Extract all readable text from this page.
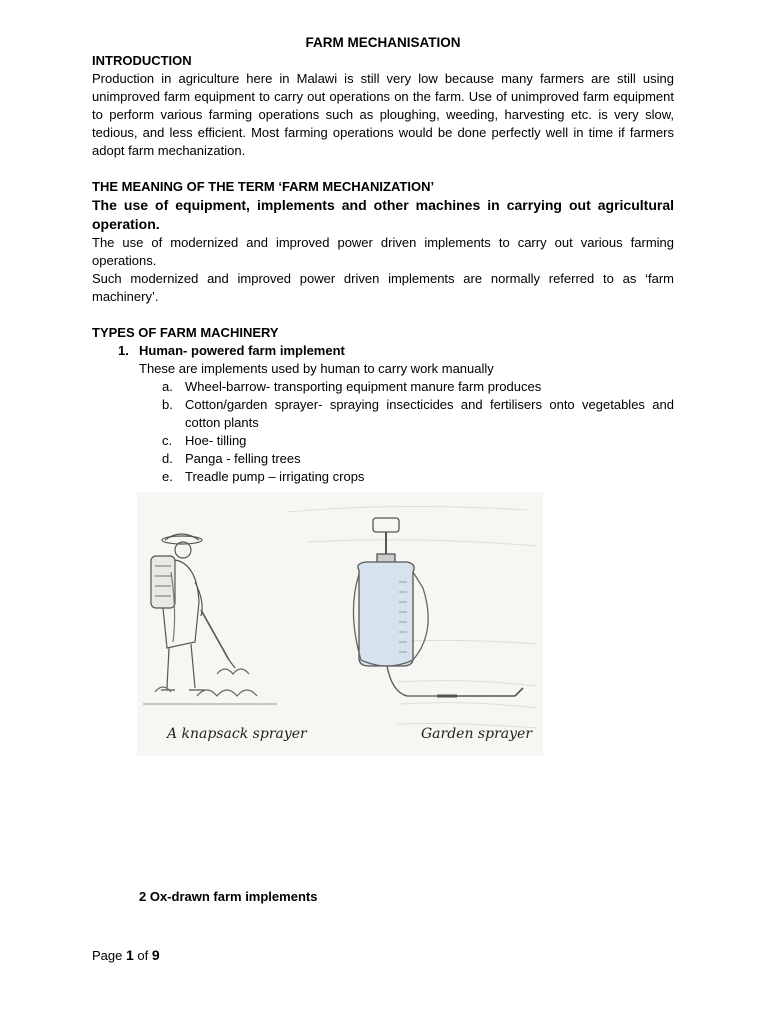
FARM MECHANISATION

INTRODUCTION

Production in agriculture here in Malawi is still very low because many farmers are still using unimproved farm equipment to carry out operations on the farm. Use of unimproved farm equipment to perform various farming operations such as ploughing, weeding, harvesting etc. is very slow, tedious, and less efficient. Most farming operations would be done perfectly well in time if farmers adopt farm mechanization.

THE MEANING OF THE TERM ‘FARM MECHANIZATION’

The use of equipment, implements and other machines in carrying out agricultural operation.

The use of modernized and improved power driven implements to carry out various farming operations.

Such modernized and improved power driven implements are normally referred to as ‘farm machinery’.

TYPES OF FARM MACHINERY

1. Human- powered farm implement

These are implements used by human to carry work manually

a. Wheel-barrow- transporting equipment manure farm produces
b. Cotton/garden sprayer- spraying insecticides and fertilisers onto vegetables and cotton plants
c. Hoe- tilling
d. Panga - felling trees
e. Treadle pump – irrigating crops
A knapsack sprayer	Garden sprayer
2 Ox-drawn farm implements
Page 1 of 9
